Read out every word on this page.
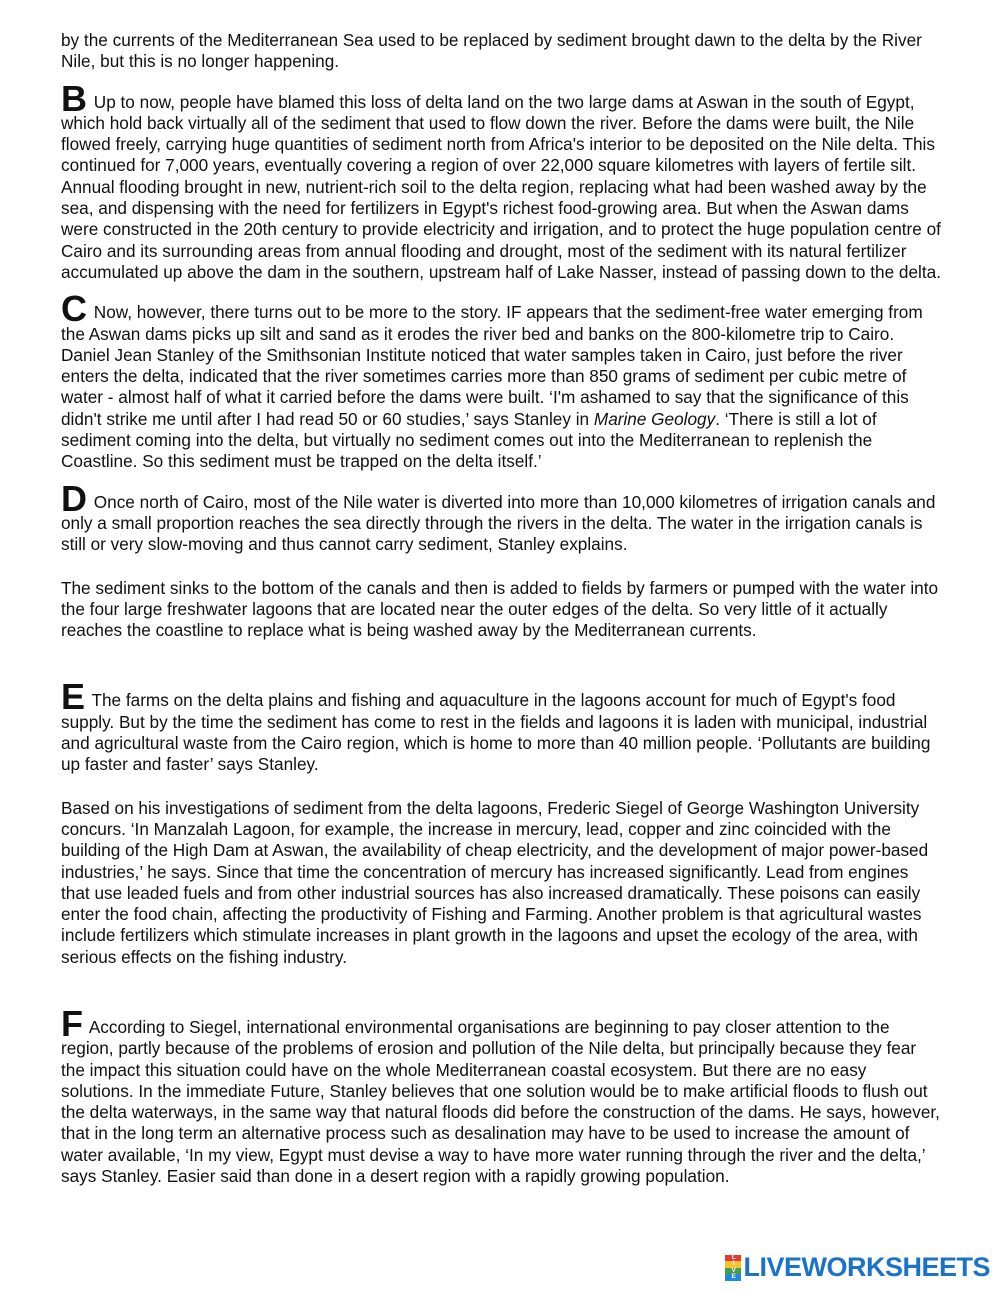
by the currents of the Mediterranean Sea used to be replaced by sediment brought dawn to the delta by the River Nile, but this is no longer happening.

B Up to now, people have blamed this loss of delta land on the two large dams at Aswan in the south of Egypt, which hold back virtually all of the sediment that used to flow down the river. Before the dams were built, the Nile flowed freely, carrying huge quantities of sediment north from Africa's interior to be deposited on the Nile delta. This continued for 7,000 years, eventually covering a region of over 22,000 square kilometres with layers of fertile silt. Annual flooding brought in new, nutrient-rich soil to the delta region, replacing what had been washed away by the sea, and dispensing with the need for fertilizers in Egypt's richest food-growing area. But when the Aswan dams were constructed in the 20th century to provide electricity and irrigation, and to protect the huge population centre of Cairo and its surrounding areas from annual flooding and drought, most of the sediment with its natural fertilizer accumulated up above the dam in the southern, upstream half of Lake Nasser, instead of passing down to the delta.

C Now, however, there turns out to be more to the story. IF appears that the sediment-free water emerging from the Aswan dams picks up silt and sand as it erodes the river bed and banks on the 800-kilometre trip to Cairo. Daniel Jean Stanley of the Smithsonian Institute noticed that water samples taken in Cairo, just before the river enters the delta, indicated that the river sometimes carries more than 850 grams of sediment per cubic metre of water - almost half of what it carried before the dams were built. ‘I'm ashamed to say that the significance of this didn't strike me until after I had read 50 or 60 studies,’ says Stanley in Marine Geology. ‘There is still a lot of sediment coming into the delta, but virtually no sediment comes out into the Mediterranean to replenish the Coastline. So this sediment must be trapped on the delta itself.’

D Once north of Cairo, most of the Nile water is diverted into more than 10,000 kilometres of irrigation canals and only a small proportion reaches the sea directly through the rivers in the delta. The water in the irrigation canals is still or very slow-moving and thus cannot carry sediment, Stanley explains.

The sediment sinks to the bottom of the canals and then is added to fields by farmers or pumped with the water into the four large freshwater lagoons that are located near the outer edges of the delta. So very little of it actually reaches the coastline to replace what is being washed away by the Mediterranean currents.

E The farms on the delta plains and fishing and aquaculture in the lagoons account for much of Egypt's food supply. But by the time the sediment has come to rest in the fields and lagoons it is laden with municipal, industrial and agricultural waste from the Cairo region, which is home to more than 40 million people. ‘Pollutants are building up faster and faster’ says Stanley.

Based on his investigations of sediment from the delta lagoons, Frederic Siegel of George Washington University concurs. ‘In Manzalah Lagoon, for example, the increase in mercury, lead, copper and zinc coincided with the building of the High Dam at Aswan, the availability of cheap electricity, and the development of major power-based industries,’ he says. Since that time the concentration of mercury has increased significantly. Lead from engines that use leaded fuels and from other industrial sources has also increased dramatically. These poisons can easily enter the food chain, affecting the productivity of Fishing and Farming. Another problem is that agricultural wastes include fertilizers which stimulate increases in plant growth in the lagoons and upset the ecology of the area, with serious effects on the fishing industry.

F According to Siegel, international environmental organisations are beginning to pay closer attention to the region, partly because of the problems of erosion and pollution of the Nile delta, but principally because they fear the impact this situation could have on the whole Mediterranean coastal ecosystem. But there are no easy solutions. In the immediate Future, Stanley believes that one solution would be to make artificial floods to flush out the delta waterways, in the same way that natural floods did before the construction of the dams. He says, however, that in the long term an alternative process such as desalination may have to be used to increase the amount of water available, ‘In my view, Egypt must devise a way to have more water running through the river and the delta,’ says Stanley. Easier said than done in a desert region with a rapidly growing population.

L
I
V
E LIVEWORKSHEETS
